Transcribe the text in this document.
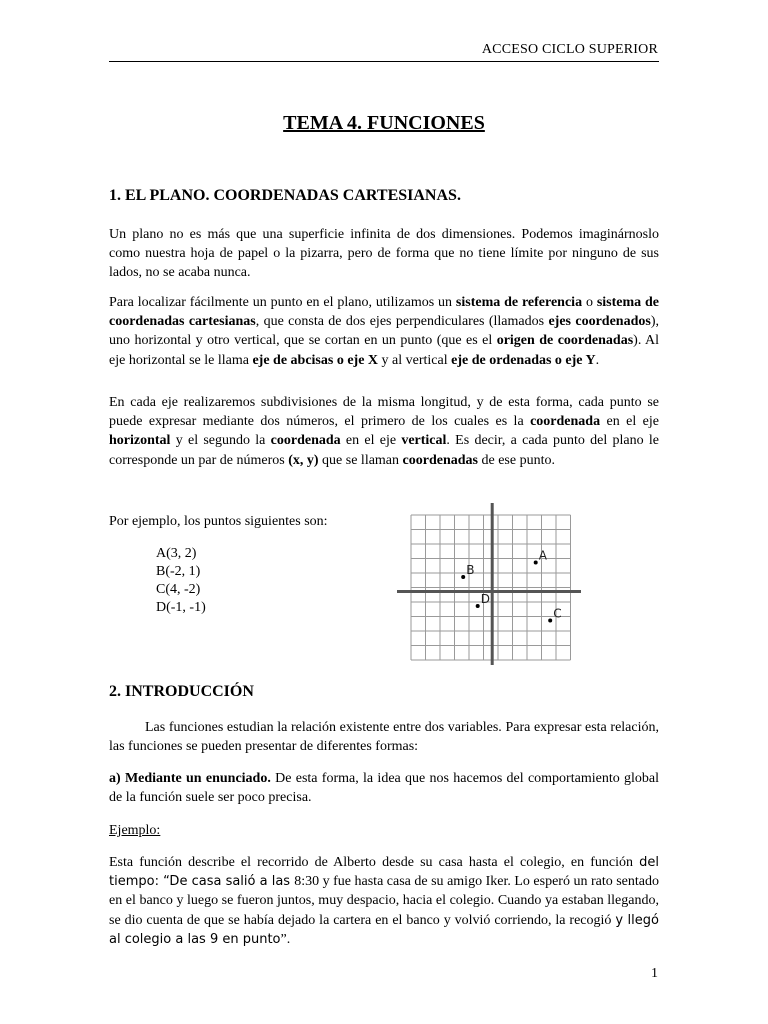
ACCESO CICLO SUPERIOR
TEMA 4. FUNCIONES
1. EL PLANO. COORDENADAS CARTESIANAS.
Un plano no es más que una superficie infinita de dos dimensiones. Podemos imaginárnoslo como nuestra hoja de papel o la pizarra, pero de forma que no tiene límite por ninguno de sus lados, no se acaba nunca.
Para localizar fácilmente un punto en el plano, utilizamos un sistema de referencia o sistema de coordenadas cartesianas, que consta de dos ejes perpendiculares (llamados ejes coordenados), uno horizontal y otro vertical, que se cortan en un punto (que es el origen de coordenadas). Al eje horizontal se le llama eje de abcisas o eje X y al vertical eje de ordenadas o eje Y.
En cada eje realizaremos subdivisiones de la misma longitud, y de esta forma, cada punto se puede expresar mediante dos números, el primero de los cuales es la coordenada en el eje horizontal y el segundo la coordenada en el eje vertical. Es decir, a cada punto del plano le corresponde un par de números (x, y) que se llaman coordenadas de ese punto.
Por ejemplo, los puntos siguientes son:
A(3, 2)
B(-2, 1)
C(4, -2)
D(-1, -1)
A
B
C
D
2. INTRODUCCIÓN
Las funciones estudian la relación existente entre dos variables. Para expresar esta relación, las funciones se pueden presentar de diferentes formas:
a) Mediante un enunciado. De esta forma, la idea que nos hacemos del comportamiento global de la función suele ser poco precisa.
Ejemplo:
Esta función describe el recorrido de Alberto desde su casa hasta el colegio, en función del tiempo: “De casa salió a las 8:30 y fue hasta casa de su amigo Iker. Lo esperó un rato sentado en el banco y luego se fueron juntos, muy despacio, hacia el colegio. Cuando ya estaban llegando, se dio cuenta de que se había dejado la cartera en el banco y volvió corriendo, la recogió y llegó al colegio a las 9 en punto”.
1
